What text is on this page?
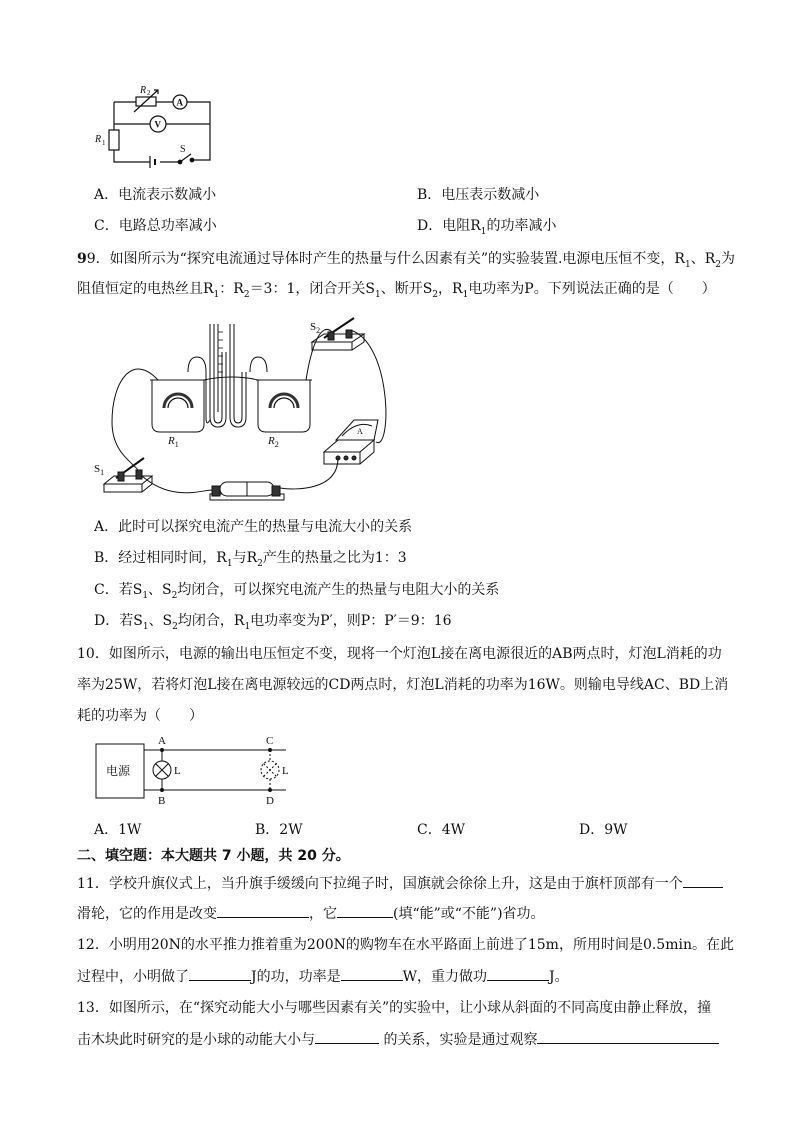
R 2
A
V
R 1
S
A．电流表示数减小	B．电压表示数减小
C．电路总功率减小	D．电阻$R_1$的功率减小
99．如图所示为“探究电流通过导体时产生的热量与什么因素有关”的实验装置.电源电压恒不变，$R_1$、$R_2$为
阻值恒定的电热丝且$R_1$：$R_2=3$：1，闭合开关$S_1$、断开$S_2$，$R_1$电功率为P。下列说法正确的是（　　）
$S_2$
$S_1$
$R_1$	$R_2$
A
A．此时可以探究电流产生的热量与电流大小的关系
B．经过相同时间，$R_1$与$R_2$产生的热量之比为1：3
C．若$S_1$、$S_2$均闭合，可以探究电流产生的热量与电阻大小的关系
D．若$S_1$、$S_2$均闭合，$R_1$电功率变为P′，则P：P′＝9：16
10．如图所示，电源的输出电压恒定不变，现将一个灯泡L接在离电源很近的AB两点时，灯泡L消耗的功
率为25W，若将灯泡L接在离电源较远的CD两点时，灯泡L消耗的功率为16W。则输电导线AC、BD上消
耗的功率为（　　）
电源
A
B
C
D
L	L
A．1W	B．2W	C．4W	D．9W
二、填空题：本大题共 7 小题，共 20 分。
11．学校升旗仪式上，当升旗手缓缓向下拉绳子时，国旗就会徐徐上升，这是由于旗杆顶部有一个
滑轮，它的作用是改变	，它	(填“能”或“不能”)省功。
12．小明用20N的水平推力推着重为200N的购物车在水平路面上前进了15m，所用时间是0.5min。在此
过程中，小明做了	J的功，功率是	W，重力做功	J。
13．如图所示，在“探究动能大小与哪些因素有关”的实验中，让小球从斜面的不同高度由静止释放，撞
击木块此时研究的是小球的动能大小与	的关系，实验是通过观察
